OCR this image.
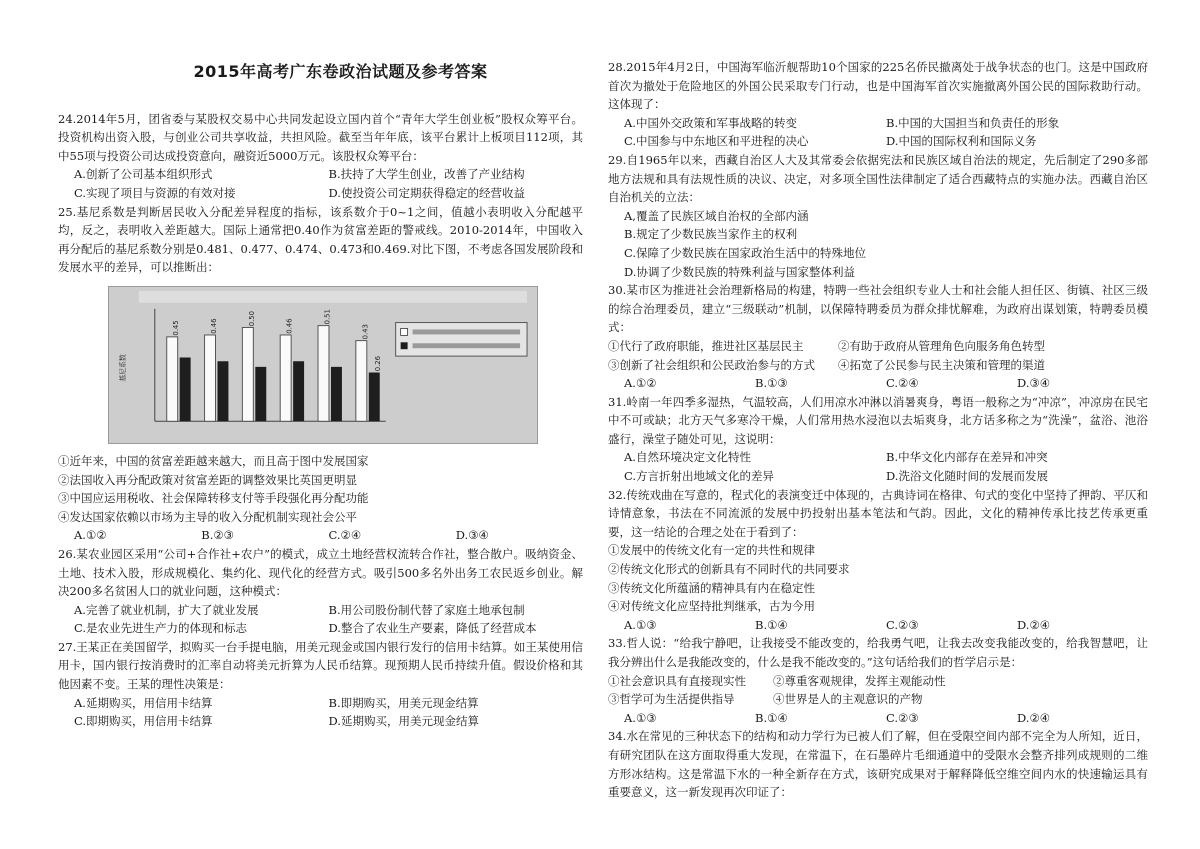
2015年高考广东卷政治试题及参考答案

24.2014年5月，团省委与某股权交易中心共同发起设立国内首个“青年大学生创业板”股权众筹平台。投资机构出资入股，与创业公司共享收益，共担风险。截至当年年底，该平台累计上板项目112项，其中55项与投资公司达成投资意向，融资近5000万元。该股权众筹平台：

A.创新了公司基本组织形式	B.扶持了大学生创业，改善了产业结构
C.实现了项目与资源的有效对接	D.使投资公司定期获得稳定的经营收益

25.基尼系数是判断居民收入分配差异程度的指标，该系数介于0~1之间，值越小表明收入分配越平均，反之，表明收入差距越大。国际上通常把0.40作为贫富差距的警戒线。2010-2014年，中国收入再分配后的基尼系数分别是0.481、0.477、0.474、0.473和0.469.对比下图，不考虑各国发展阶段和发展水平的差异，可以推断出：

基尼系数
0.45	0.46	0.50	0.46
0.51
0.43
0.26

①近年来，中国的贫富差距越来越大，而且高于图中发展国家

②法国收入再分配政策对贫富差距的调整效果比英国更明显

③中国应运用税收、社会保障转移支付等手段强化再分配功能

④发达国家依赖以市场为主导的收入分配机制实现社会公平

A.①②	B.②③	C.②④	D.③④

26.某农业园区采用“公司+合作社+农户”的模式，成立土地经营权流转合作社，整合散户。吸纳资金、土地、技术入股，形成规模化、集约化、现代化的经营方式。吸引500多名外出务工农民返乡创业。解决200多名贫困人口的就业问题，这种模式：

A.完善了就业机制，扩大了就业发展	B.用公司股份制代替了家庭土地承包制
C.是农业先进生产力的体现和标志	D.整合了农业生产要素，降低了经营成本

27.王某正在美国留学，拟购买一台手提电脑，用美元现金或国内银行发行的信用卡结算。如王某使用信用卡，国内银行按消费时的汇率自动将美元折算为人民币结算。现预期人民币持续升值。假设价格和其他因素不变。王某的理性决策是：

A.延期购买，用信用卡结算	B.即期购买，用美元现金结算
C.即期购买，用信用卡结算	D.延期购买，用美元现金结算

28.2015年4月2日，中国海军临沂舰帮助10个国家的225名侨民撤离处于战争状态的也门。这是中国政府首次为撤处于危险地区的外国公民采取专门行动，也是中国海军首次实施撤离外国公民的国际救助行动。这体现了：

A.中国外交政策和军事战略的转变	B.中国的大国担当和负责任的形象
C.中国参与中东地区和平进程的决心	D.中国的国际权利和国际义务

29.自1965年以来，西藏自治区人大及其常委会依据宪法和民族区域自治法的规定，先后制定了290多部地方法规和具有法规性质的决议、决定，对多项全国性法律制定了适合西藏特点的实施办法。西藏自治区自治机关的立法：

A,覆盖了民族区域自治权的全部内涵

B.规定了少数民族当家作主的权利

C.保障了少数民族在国家政治生活中的特殊地位

D.协调了少数民族的特殊利益与国家整体利益

30.某市区为推进社会治理新格局的构建，特聘一些社会组织专业人士和社会能人担任区、街镇、社区三级的综合治理委员，建立“三级联动”机制，以保障特聘委员为群众排忧解难，为政府出谋划策，特聘委员模式：

①代行了政府职能，推进社区基层民主	②有助于政府从管理角色向服务角色转型
③创新了社会组织和公民政治参与的方式	④拓宽了公民参与民主决策和管理的渠道
A.①②	B.①③	C.②④	D.③④

31.岭南一年四季多湿热，气温较高，人们用凉水冲淋以消暑爽身，粤语一般称之为“冲凉”，冲凉房在民宅中不可或缺；北方天气多寒冷干燥，人们常用热水浸泡以去垢爽身，北方话多称之为“洗澡”，盆浴、池浴盛行，澡堂子随处可见，这说明：

A.自然环境决定文化特性	B.中华文化内部存在差异和冲突
C.方言折射出地域文化的差异	D.洗浴文化随时间的发展而发展

32.传统戏曲在写意的，程式化的表演变迁中体现的，古典诗词在格律、句式的变化中坚持了押韵、平仄和诗情意象，书法在不同流派的发展中扔投射出基本笔法和气韵。因此，文化的精神传承比技艺传承更重要，这一结论的合理之处在于看到了：

①发展中的传统文化有一定的共性和规律

②传统文化形式的创新具有不同时代的共同要求

③传统文化所蕴涵的精神具有内在稳定性

④对传统文化应坚持批判继承，古为今用

A.①③	B.①④	C.②③	D.②④

33.哲人说：“给我宁静吧，让我接受不能改变的，给我勇气吧，让我去改变我能改变的，给我智慧吧，让我分辨出什么是我能改变的，什么是我不能改变的。”这句话给我们的哲学启示是：

①社会意识具有直接现实性	②尊重客观规律，发挥主观能动性
③哲学可为生活提供指导	④世界是人的主观意识的产物
A.①③	B.①④	C.②③	D.②④

34.水在常见的三种状态下的结构和动力学行为已被人们了解，但在受限空间内部不完全为人所知，近日，有研究团队在这方面取得重大发现，在常温下，在石墨碎片毛细通道中的受限水会整齐排列成规则的二维方形冰结构。这是常温下水的一种全新存在方式，该研究成果对于解释降低空维空间内水的快速输运具有重要意义，这一新发现再次印证了：
